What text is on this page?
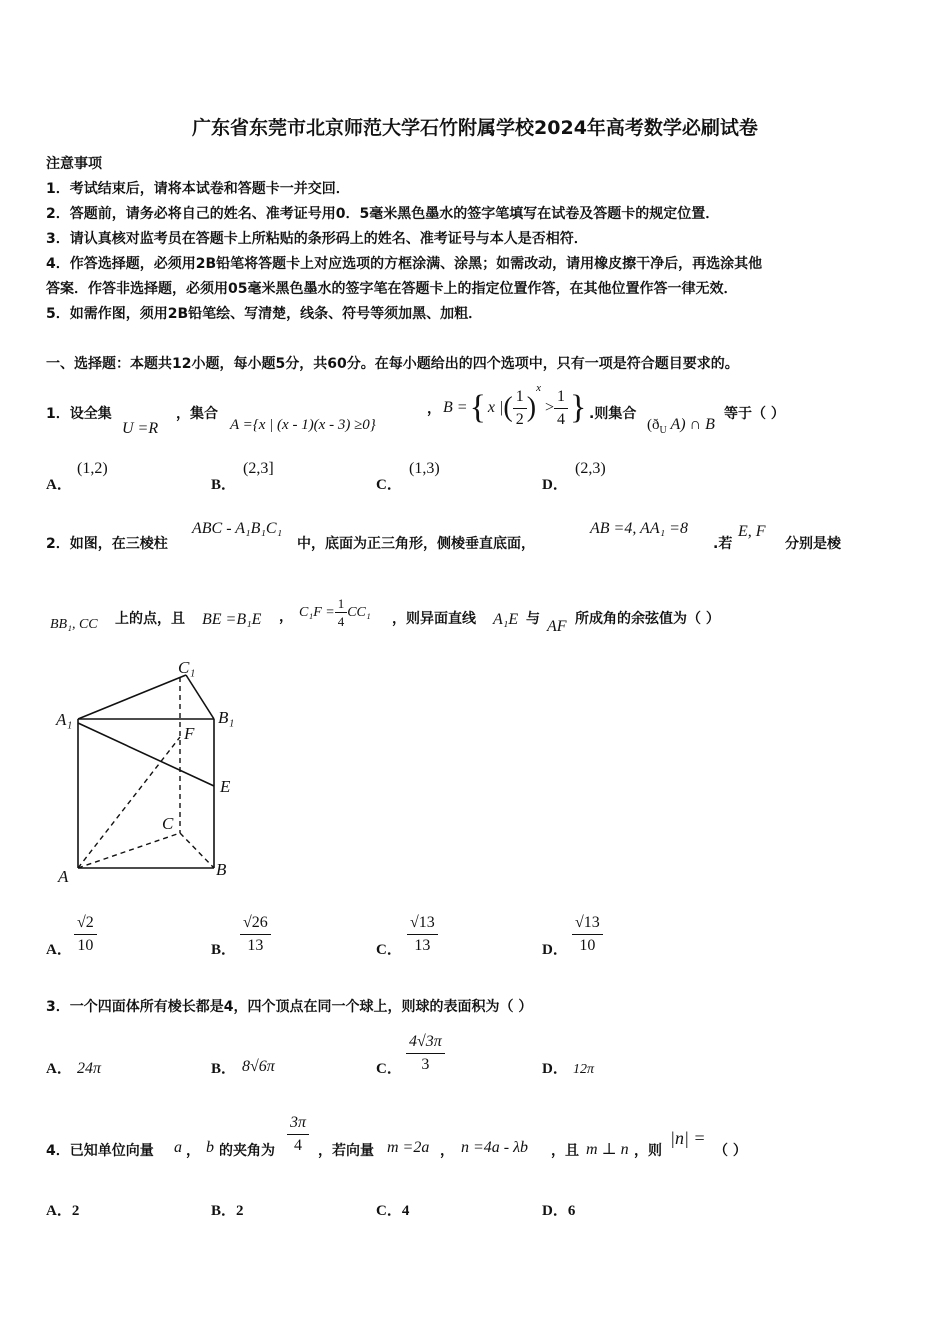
广东省东莞市北京师范大学石竹附属学校2024年高考数学必刷试卷
注意事项
1．考试结束后，请将本试卷和答题卡一并交回．
2．答题前，请务必将自己的姓名、准考证号用0．5毫米黑色墨水的签字笔填写在试卷及答题卡的规定位置．
3．请认真核对监考员在答题卡上所粘贴的条形码上的姓名、准考证号与本人是否相符．
4．作答选择题，必须用2B铅笔将答题卡上对应选项的方框涂满、涂黑；如需改动，请用橡皮擦干净后，再选涂其他
答案．作答非选择题，必须用05毫米黑色墨水的签字笔在答题卡上的指定位置作答，在其他位置作答一律无效．
5．如需作图，须用2B铅笔绘、写清楚，线条、符号等须加黑、加粗．
一、选择题：本题共12小题，每小题5分，共60分。在每小题给出的四个选项中，只有一项是符合题目要求的。
1．设全集
U =R
，集合
A ={x | (x - 1)(x - 3) ≥0}
， B = { x | ( $\frac{1}{2}$ )
x
> $\frac{1}{4}$ } .则集合
($ð_U$ A) ∩ B
等于（ ）
A．
(1,2)
B．
(2,3]
C．
(1,3)
D．
(2,3)
2．如图，在三棱柱
ABC - A₁B₁C₁
中，底面为正三角形，侧棱垂直底面，
AB =4, AA₁ =8
.若
E, F
分别是棱
BB₁, CC 上的点，且 BE =B₁E ， $C_1F = \frac{1}{4} CC_1$ ，则异面直线 A₁E 与 AF 所成角的余弦值为（ ）
C₁
A₁	B₁
F
E
C
A	B
A． $\frac{√2}{10}$	B． $\frac{√26}{13}$	C． $\frac{√13}{13}$	D． $\frac{√13}{10}$
3．一个四面体所有棱长都是4，四个顶点在同一个球上，则球的表面积为（ ）
A． 24π	B． 8√6π	C． $\frac{4√3\pi}{3}$	D． 12π
4．已知单位向量 a ， b 的夹角为 $\frac{3\pi}{4}$ ，若向量 m =2a ， n =4a - λb ，且 m ⊥ n ，则
|n| =
（ ）
A．2	B．2	C．4	D．6
